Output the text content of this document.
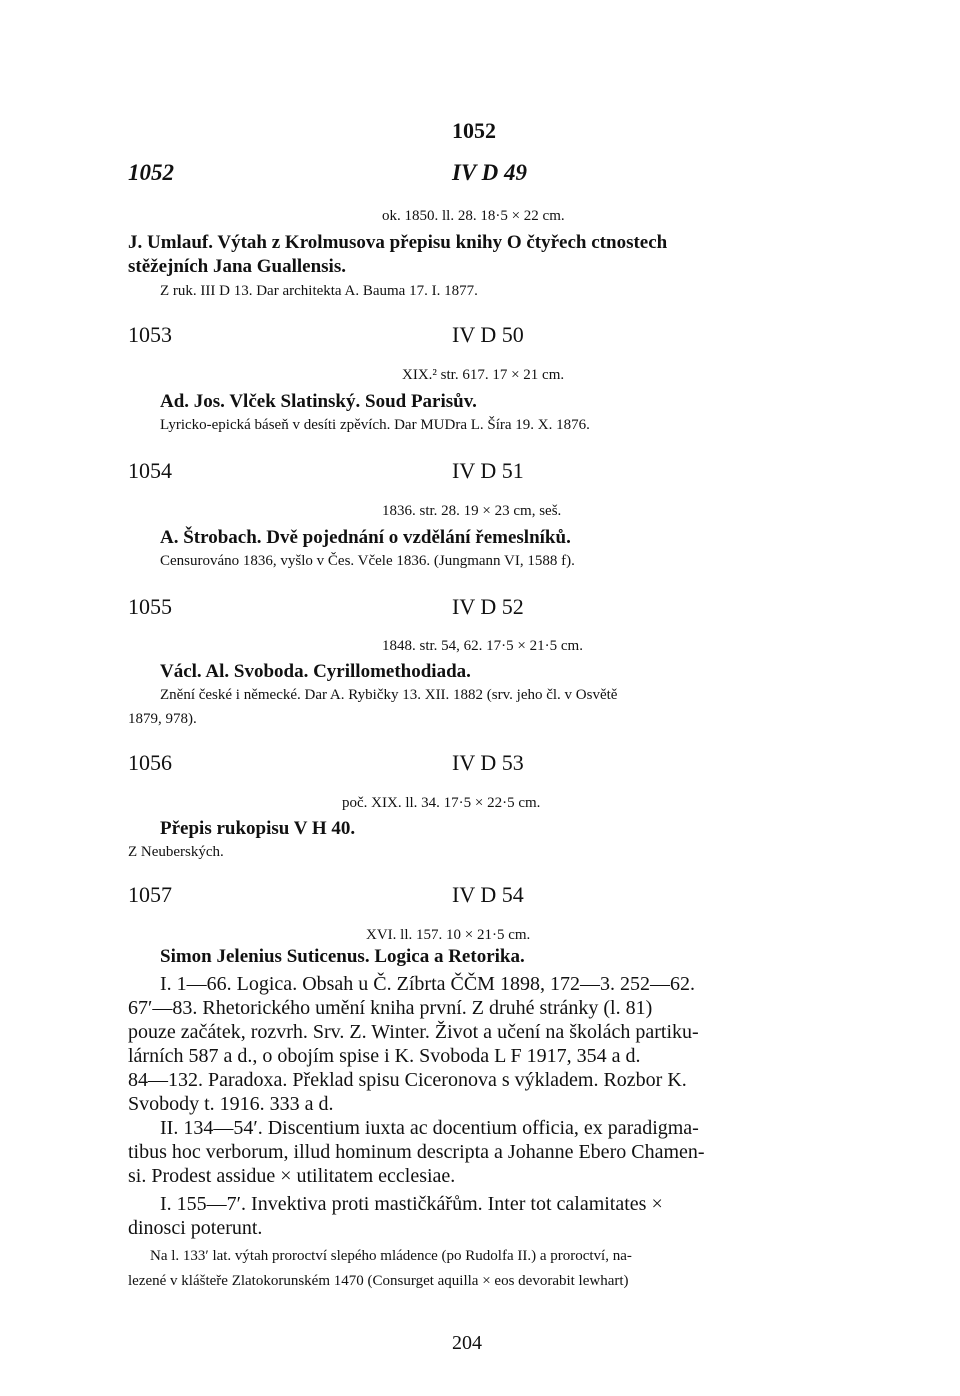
1052
1052	IV D 49
ok. 1850. ll. 28. 18·5 × 22 cm.
J. Umlauf. Výtah z Krolmusova přepisu knihy O čtyřech ctnostech
stěžejních Jana Guallensis.
Z ruk. III D 13. Dar architekta A. Bauma 17. I. 1877.
1053	IV D 50
XIX.² str. 617. 17 × 21 cm.
Ad. Jos. Vlček Slatinský. Soud Parisův.
Lyricko-epická báseň v desíti zpěvích. Dar MUDra L. Šíra 19. X. 1876.
1054	IV D 51
1836. str. 28. 19 × 23 cm, seš.
A. Štrobach. Dvě pojednání o vzdělání řemeslníků.
Censurováno 1836, vyšlo v Čes. Včele 1836. (Jungmann VI, 1588 f).
1055	IV D 52
1848. str. 54, 62. 17·5 × 21·5 cm.
Václ. Al. Svoboda. Cyrillomethodiada.
Znění české i německé. Dar A. Rybičky 13. XII. 1882 (srv. jeho čl. v Osvětě
1879, 978).
1056	IV D 53
poč. XIX. ll. 34. 17·5 × 22·5 cm.
Přepis rukopisu V H 40.
Z Neuberských.
1057	IV D 54
XVI. ll. 157. 10 × 21·5 cm.
Simon Jelenius Suticenus. Logica a Retorika.
I. 1—66. Logica. Obsah u Č. Zíbrta ČČM 1898, 172—3. 252—62.
67′—83. Rhetorického umění kniha první. Z druhé stránky (l. 81)
pouze začátek, rozvrh. Srv. Z. Winter. Život a učení na školách partiku-
lárních 587 a d., o obojím spise i K. Svoboda L F 1917, 354 a d.
84—132. Paradoxa. Překlad spisu Ciceronova s výkladem. Rozbor K.
Svobody t. 1916. 333 a d.
II. 134—54′. Discentium iuxta ac docentium officia, ex paradigma-
tibus hoc verborum, illud hominum descripta a Johanne Ebero Chamen-
si. Prodest assidue × utilitatem ecclesiae.
I. 155—7′. Invektiva proti mastičkářům. Inter tot calamitates ×
dinosci poterunt.
Na l. 133′ lat. výtah proroctví slepého mládence (po Rudolfa II.) a proroctví, na-
lezené v klášteře Zlatokorunském 1470 (Consurget aquilla × eos devorabit lewhart)
204
